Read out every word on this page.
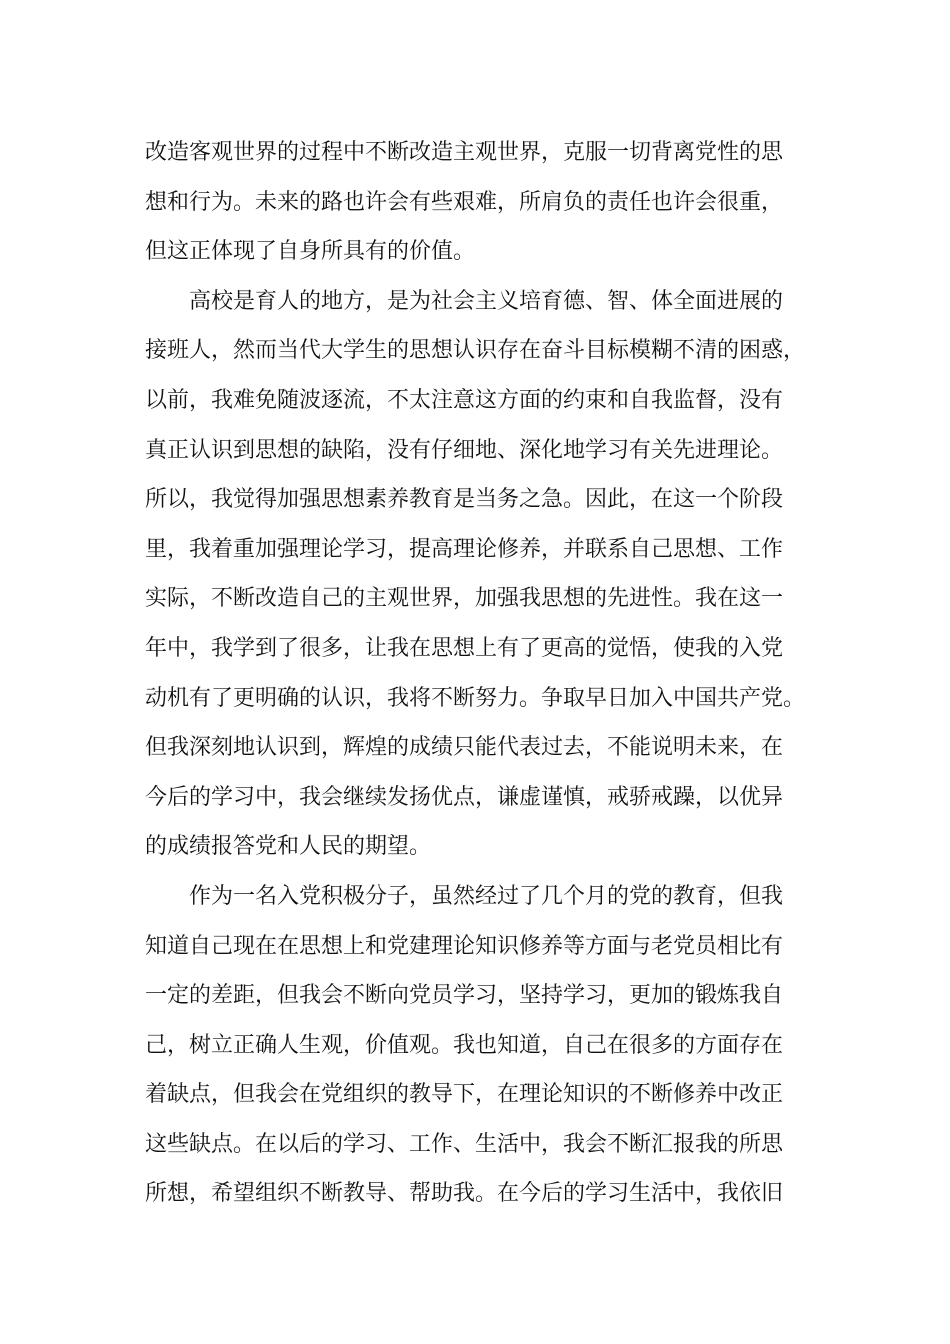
改造客观世界的过程中不断改造主观世界，克服一切背离党性的思
想和行为。未来的路也许会有些艰难，所肩负的责任也许会很重，
但这正体现了自身所具有的价值。
高校是育人的地方，是为社会主义培育德、智、体全面进展的
接班人，然而当代大学生的思想认识存在奋斗目标模糊不清的困惑，
以前，我难免随波逐流，不太注意这方面的约束和自我监督，没有
真正认识到思想的缺陷，没有仔细地、深化地学习有关先进理论。
所以，我觉得加强思想素养教育是当务之急。因此，在这一个阶段
里，我着重加强理论学习，提高理论修养，并联系自己思想、工作
实际，不断改造自己的主观世界，加强我思想的先进性。我在这一
年中，我学到了很多，让我在思想上有了更高的觉悟，使我的入党
动机有了更明确的认识，我将不断努力。争取早日加入中国共产党。
但我深刻地认识到，辉煌的成绩只能代表过去，不能说明未来，在
今后的学习中，我会继续发扬优点，谦虚谨慎，戒骄戒躁，以优异
的成绩报答党和人民的期望。
作为一名入党积极分子，虽然经过了几个月的党的教育，但我
知道自己现在在思想上和党建理论知识修养等方面与老党员相比有
一定的差距，但我会不断向党员学习，坚持学习，更加的锻炼我自
己，树立正确人生观，价值观。我也知道，自己在很多的方面存在
着缺点，但我会在党组织的教导下，在理论知识的不断修养中改正
这些缺点。在以后的学习、工作、生活中，我会不断汇报我的所思
所想，希望组织不断教导、帮助我。在今后的学习生活中，我依旧
